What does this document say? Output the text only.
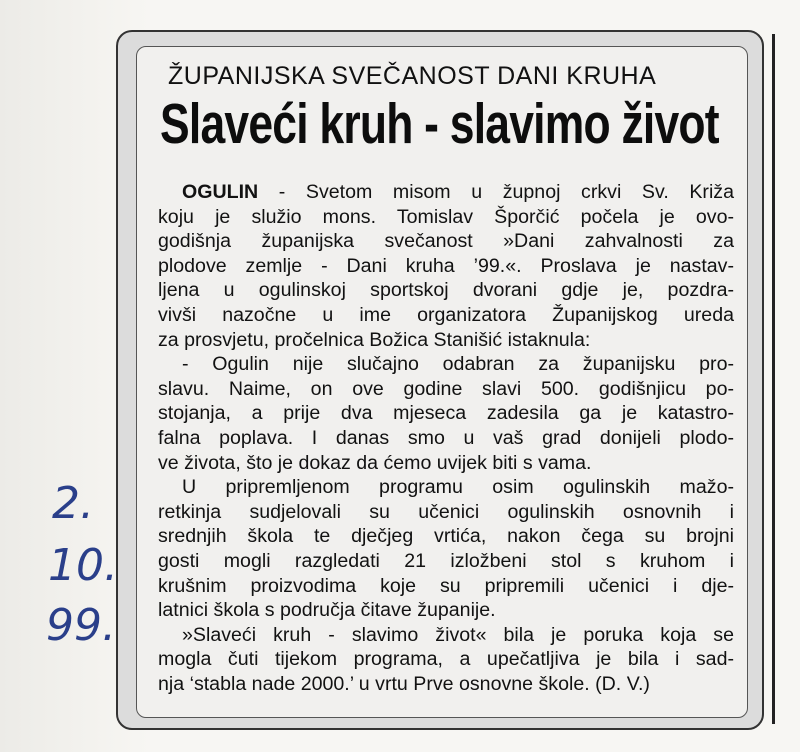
ŽUPANIJSKA SVEČANOST DANI KRUHA
Slaveći kruh - slavimo život
OGULIN - Svetom misom u župnoj crkvi Sv. Križa
koju je služio mons. Tomislav Šporčić počela je ovo-
godišnja županijska svečanost »Dani zahvalnosti za
plodove zemlje - Dani kruha ’99.«. Proslava je nastav-
ljena u ogulinskoj sportskoj dvorani gdje je, pozdra-
vivši nazočne u ime organizatora Županijskog ureda
za prosvjetu, pročelnica Božica Stanišić istaknula:
- Ogulin nije slučajno odabran za županijsku pro-
slavu. Naime, on ove godine slavi 500. godišnjicu po-
stojanja, a prije dva mjeseca zadesila ga je katastro-
falna poplava. I danas smo u vaš grad donijeli plodo-
ve života, što je dokaz da ćemo uvijek biti s vama.
U pripremljenom programu osim ogulinskih mažo-
retkinja sudjelovali su učenici ogulinskih osnovnih i
srednjih škola te dječjeg vrtića, nakon čega su brojni
gosti mogli razgledati 21 izložbeni stol s kruhom i
krušnim proizvodima koje su pripremili učenici i dje-
latnici škola s područja čitave županije.
»Slaveći kruh - slavimo život« bila je poruka koja se
mogla čuti tijekom programa, a upečatljiva je bila i sad-
nja ‘stabla nade 2000.’ u vrtu Prve osnovne škole. (D. V.)
2.
10.
99.
